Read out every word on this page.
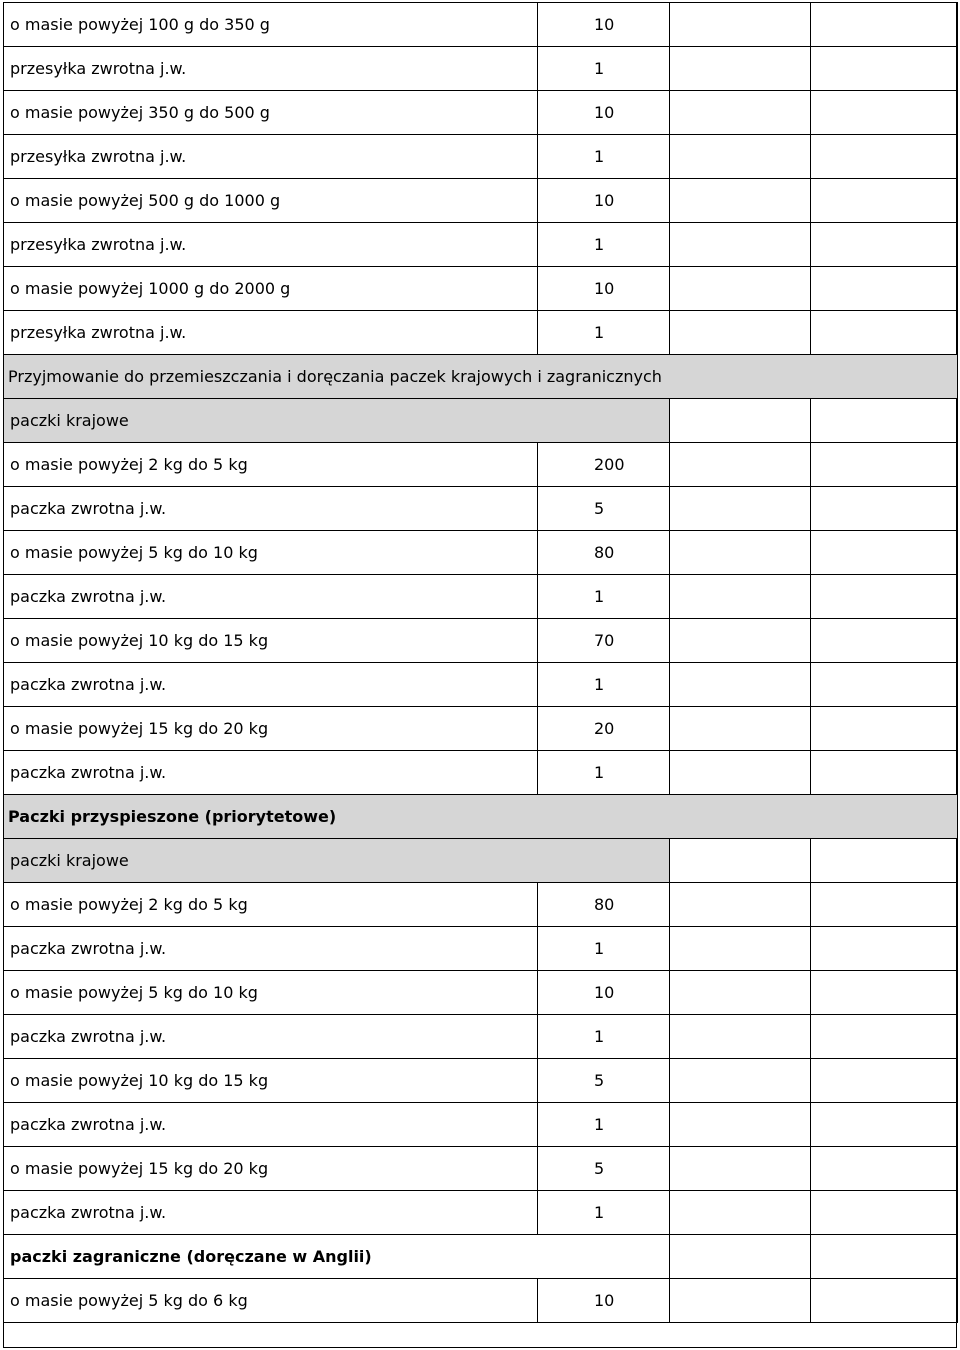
o masie powyżej 100 g do 350 g	10		
przesyłka zwrotna j.w.	1		
o masie powyżej 350 g do 500 g	10		
przesyłka zwrotna j.w.	1		
o masie powyżej 500 g do 1000 g	10		
przesyłka zwrotna j.w.	1		
o masie powyżej 1000 g do 2000 g	10		
przesyłka zwrotna j.w.	1		
Przyjmowanie do przemieszczania i doręczania paczek krajowych i zagranicznych			
paczki krajowe			
o masie powyżej 2 kg do 5 kg	200		
paczka zwrotna j.w.	5		
o masie powyżej 5 kg do 10 kg	80		
paczka zwrotna j.w.	1		
o masie powyżej 10 kg do 15 kg	70		
paczka zwrotna j.w.	1		
o masie powyżej 15 kg do 20 kg	20		
paczka zwrotna j.w.	1		
Paczki przyspieszone (priorytetowe)			
paczki krajowe			
o masie powyżej 2 kg do 5 kg	80		
paczka zwrotna j.w.	1		
o masie powyżej 5 kg do 10 kg	10		
paczka zwrotna j.w.	1		
o masie powyżej 10 kg do 15 kg	5		
paczka zwrotna j.w.	1		
o masie powyżej 15 kg do 20 kg	5		
paczka zwrotna j.w.	1		
paczki zagraniczne (doręczane w Anglii)			
o masie powyżej 5 kg do 6 kg	10		
